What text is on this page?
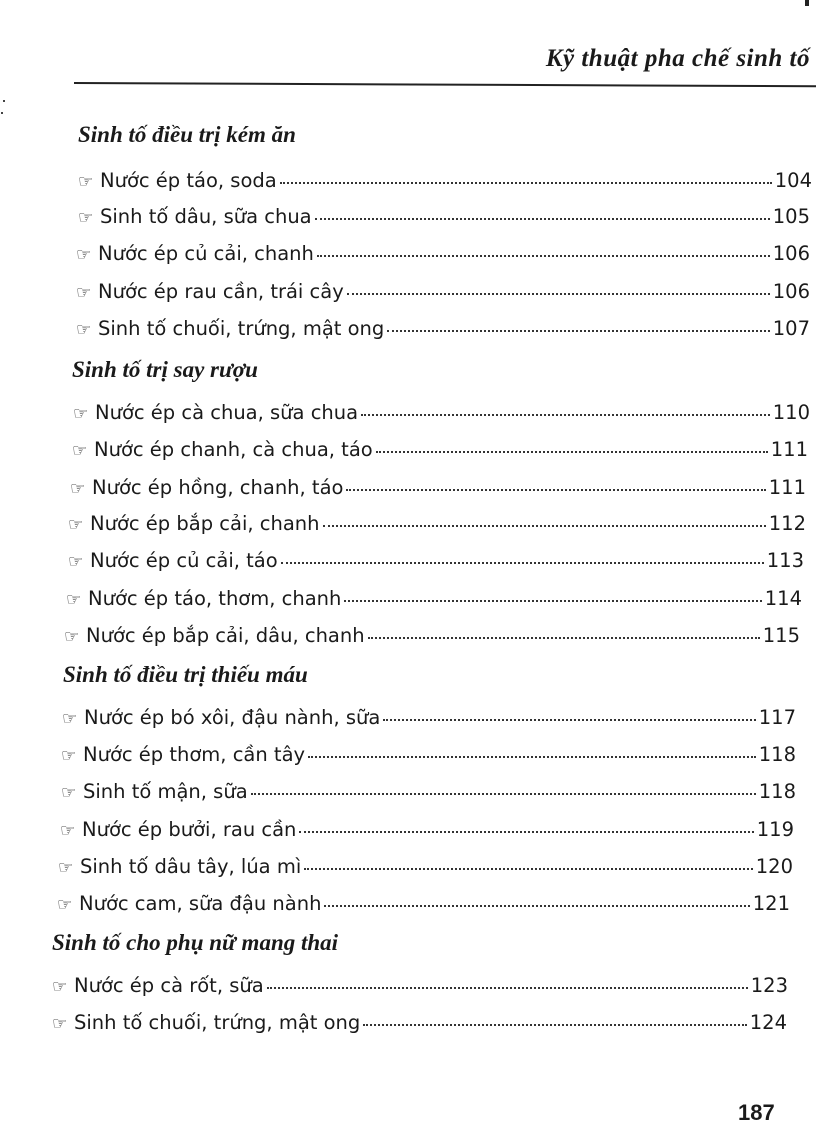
Kỹ thuật pha chế sinh tố
Sinh tố điều trị kém ăn
☞ Nước ép táo, soda	104
☞ Sinh tố dâu, sữa chua	105
☞ Nước ép củ cải, chanh	106
☞ Nước ép rau cần, trái cây	106
☞ Sinh tố chuối, trứng, mật ong	107
Sinh tố trị say rượu
☞ Nước ép cà chua, sữa chua	110
☞ Nước ép chanh, cà chua, táo	111
☞ Nước ép hồng, chanh, táo	111
☞ Nước ép bắp cải, chanh	112
☞ Nước ép củ cải, táo	113
☞ Nước ép táo, thơm, chanh	114
☞ Nước ép bắp cải, dâu, chanh	115
Sinh tố điều trị thiếu máu
☞ Nước ép bó xôi, đậu nành, sữa	117
☞ Nước ép thơm, cần tây	118
☞ Sinh tố mận, sữa	118
☞ Nước ép bưởi, rau cần	119
☞ Sinh tố dâu tây, lúa mì	120
☞ Nước cam, sữa đậu nành	121
Sinh tố cho phụ nữ mang thai
☞ Nước ép cà rốt, sữa	123
☞ Sinh tố chuối, trứng, mật ong	124
187
